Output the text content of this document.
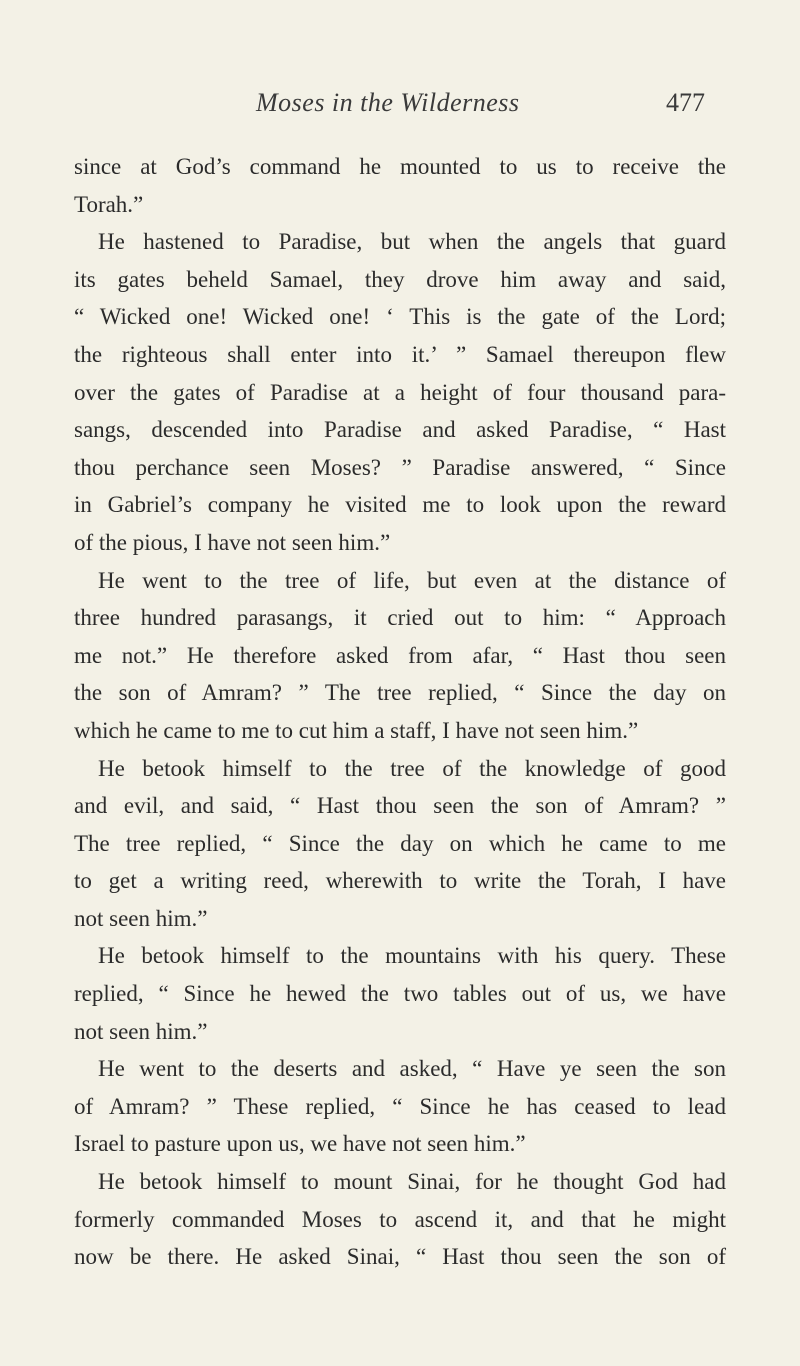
Moses in the Wilderness	477
since at God’s command he mounted to us to receive the
Torah.”
He hastened to Paradise, but when the angels that guard
its gates beheld Samael, they drove him away and said,
“ Wicked one! Wicked one! ‘ This is the gate of the Lord;
the righteous shall enter into it.’ ” Samael thereupon flew
over the gates of Paradise at a height of four thousand para-
sangs, descended into Paradise and asked Paradise, “ Hast
thou perchance seen Moses? ” Paradise answered, “ Since
in Gabriel’s company he visited me to look upon the reward
of the pious, I have not seen him.”
He went to the tree of life, but even at the distance of
three hundred parasangs, it cried out to him: “ Approach
me not.” He therefore asked from afar, “ Hast thou seen
the son of Amram? ” The tree replied, “ Since the day on
which he came to me to cut him a staff, I have not seen him.”
He betook himself to the tree of the knowledge of good
and evil, and said, “ Hast thou seen the son of Amram? ”
The tree replied, “ Since the day on which he came to me
to get a writing reed, wherewith to write the Torah, I have
not seen him.”
He betook himself to the mountains with his query. These
replied, “ Since he hewed the two tables out of us, we have
not seen him.”
He went to the deserts and asked, “ Have ye seen the son
of Amram? ” These replied, “ Since he has ceased to lead
Israel to pasture upon us, we have not seen him.”
He betook himself to mount Sinai, for he thought God had
formerly commanded Moses to ascend it, and that he might
now be there. He asked Sinai, “ Hast thou seen the son of
